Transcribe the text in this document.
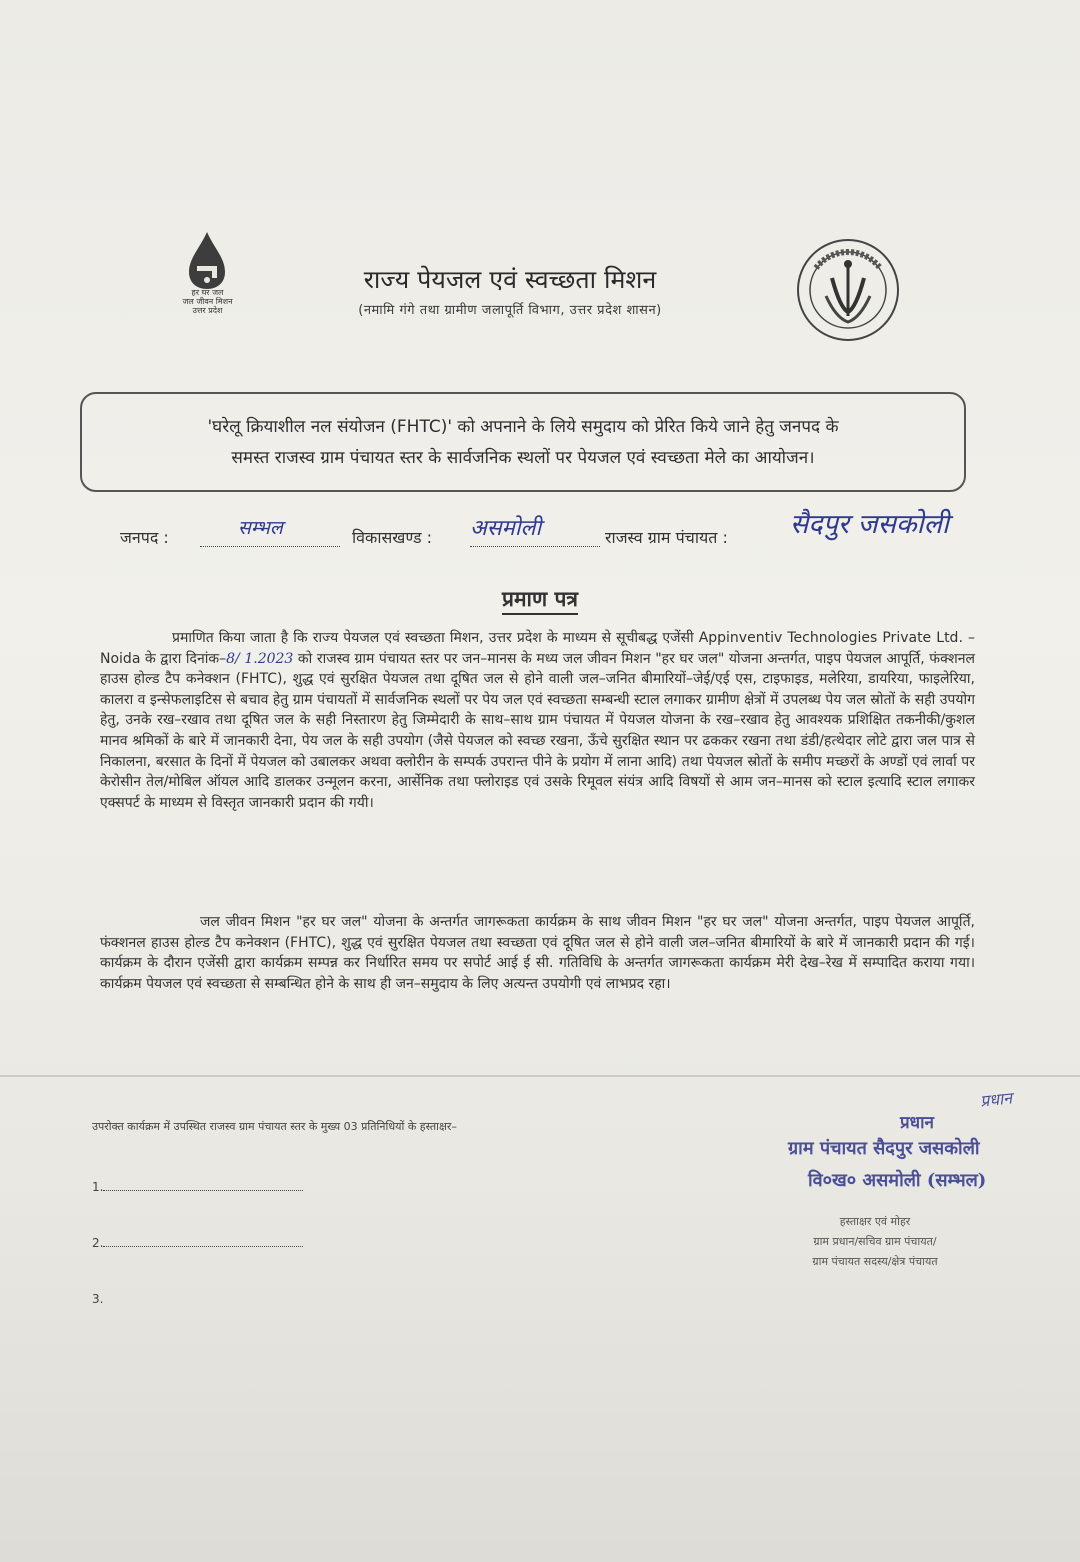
हर घर जल
जल जीवन मिशन
उत्तर प्रदेश
राज्य पेयजल एवं स्वच्छता मिशन
(नमामि गंगे तथा ग्रामीण जलापूर्ति विभाग, उत्तर प्रदेश शासन)
'घरेलू क्रियाशील नल संयोजन (FHTC)' को अपनाने के लिये समुदाय को प्रेरित किये जाने हेतु जनपद के
समस्त राजस्व ग्राम पंचायत स्तर के सार्वजनिक स्थलों पर पेयजल एवं स्वच्छता मेले का आयोजन।
जनपद :	सम्भल	विकासखण्ड : असमोली	राजस्व ग्राम पंचायत : सैदपुर जसकोली
प्रमाण पत्र
प्रमाणित किया जाता है कि राज्य पेयजल एवं स्वच्छता मिशन, उत्तर प्रदेश के माध्यम से सूचीबद्ध एजेंसी Appinventiv Technologies Private Ltd. – Noida के द्वारा दिनांक–8/ 1.2023 को राजस्व ग्राम पंचायत स्तर पर जन–मानस के मध्य जल जीवन मिशन "हर घर जल" योजना अन्तर्गत, पाइप पेयजल आपूर्ति, फंक्शनल हाउस होल्ड टैप कनेक्शन (FHTC), शुद्ध एवं सुरक्षित पेयजल तथा दूषित जल से होने वाली जल–जनित बीमारियों–जेई/एई एस, टाइफाइड, मलेरिया, डायरिया, फाइलेरिया, कालरा व इन्सेफलाइटिस से बचाव हेतु ग्राम पंचायतों में सार्वजनिक स्थलों पर पेय जल एवं स्वच्छता सम्बन्धी स्टाल लगाकर ग्रामीण क्षेत्रों में उपलब्ध पेय जल स्रोतों के सही उपयोग हेतु, उनके रख–रखाव तथा दूषित जल के सही निस्तारण हेतु जिम्मेदारी के साथ–साथ ग्राम पंचायत में पेयजल योजना के रख–रखाव हेतु आवश्यक प्रशिक्षित तकनीकी/कुशल मानव श्रमिकों के बारे में जानकारी देना, पेय जल के सही उपयोग (जैसे पेयजल को स्वच्छ रखना, ऊँचे सुरक्षित स्थान पर ढककर रखना तथा डंडी/हत्थेदार लोटे द्वारा जल पात्र से निकालना, बरसात के दिनों में पेयजल को उबालकर अथवा क्लोरीन के सम्पर्क उपरान्त पीने के प्रयोग में लाना आदि) तथा पेयजल स्रोतों के समीप मच्छरों के अण्डों एवं लार्वा पर केरोसीन तेल/मोबिल ऑयल आदि डालकर उन्मूलन करना, आर्सेनिक तथा फ्लोराइड एवं उसके रिमूवल संयंत्र आदि विषयों से आम जन–मानस को स्टाल इत्यादि स्टाल लगाकर एक्सपर्ट के माध्यम से विस्तृत जानकारी प्रदान की गयी।
जल जीवन मिशन "हर घर जल" योजना के अन्तर्गत जागरूकता कार्यक्रम के साथ जीवन मिशन "हर घर जल" योजना अन्तर्गत, पाइप पेयजल आपूर्ति, फंक्शनल हाउस होल्ड टैप कनेक्शन (FHTC), शुद्ध एवं सुरक्षित पेयजल तथा स्वच्छता एवं दूषित जल से होने वाली जल–जनित बीमारियों के बारे में जानकारी प्रदान की गई। कार्यक्रम के दौरान एजेंसी द्वारा कार्यक्रम सम्पन्न कर निर्धारित समय पर सपोर्ट आई ई सी. गतिविधि के अन्तर्गत जागरूकता कार्यक्रम मेरी देख–रेख में सम्पादित कराया गया। कार्यक्रम पेयजल एवं स्वच्छता से सम्बन्धित होने के साथ ही जन–समुदाय के लिए अत्यन्त उपयोगी एवं लाभप्रद रहा।
उपरोक्त कार्यक्रम में उपस्थित राजस्व ग्राम पंचायत स्तर के मुख्य 03 प्रतिनिधियों के हस्ताक्षर–
1.
2.
3.
प्रधान
प्रधान
ग्राम पंचायत सैदपुर जसकोली
वि०ख० असमोली (सम्भल)
हस्ताक्षर एवं मोहर
ग्राम प्रधान/सचिव ग्राम पंचायत/
ग्राम पंचायत सदस्य/क्षेत्र पंचायत
